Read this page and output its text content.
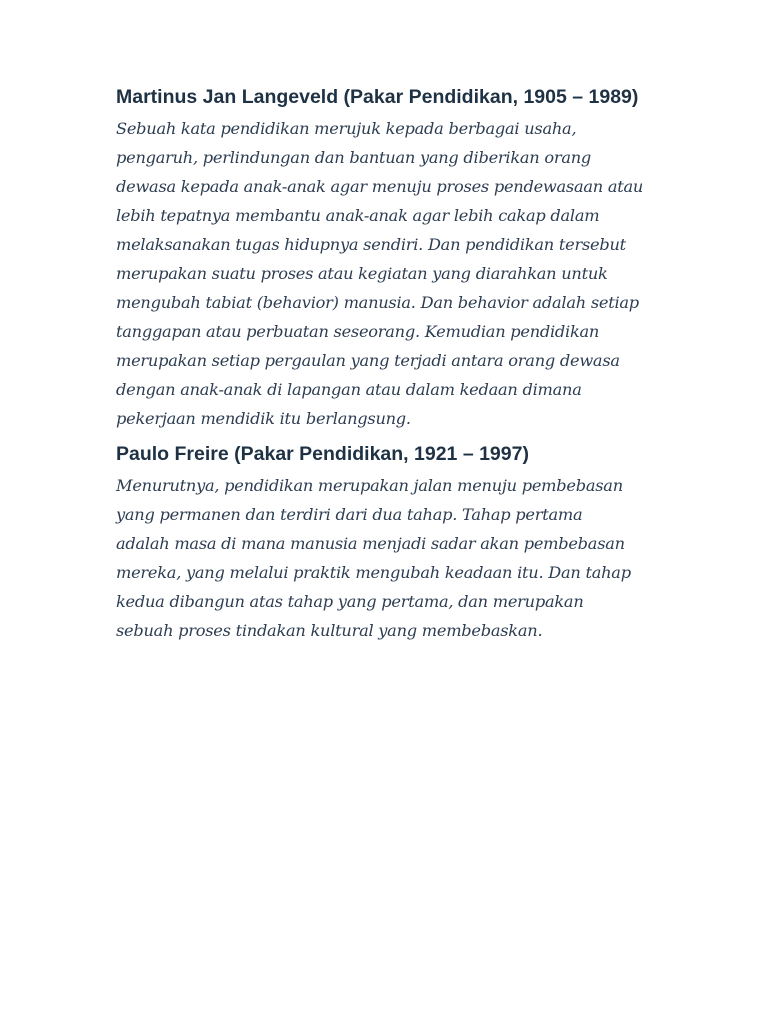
Martinus Jan Langeveld (Pakar Pendidikan, 1905 – 1989)

Sebuah kata pendidikan merujuk kepada berbagai usaha,
pengaruh, perlindungan dan bantuan yang diberikan orang
dewasa kepada anak-anak agar menuju proses pendewasaan atau
lebih tepatnya membantu anak-anak agar lebih cakap dalam
melaksanakan tugas hidupnya sendiri. Dan pendidikan tersebut
merupakan suatu proses atau kegiatan yang diarahkan untuk
mengubah tabiat (behavior) manusia. Dan behavior adalah setiap
tanggapan atau perbuatan seseorang. Kemudian pendidikan
merupakan setiap pergaulan yang terjadi antara orang dewasa
dengan anak-anak di lapangan atau dalam kedaan dimana
pekerjaan mendidik itu berlangsung.

Paulo Freire (Pakar Pendidikan, 1921 – 1997)

Menurutnya, pendidikan merupakan jalan menuju pembebasan
yang permanen dan terdiri dari dua tahap. Tahap pertama
adalah masa di mana manusia menjadi sadar akan pembebasan
mereka, yang melalui praktik mengubah keadaan itu. Dan tahap
kedua dibangun atas tahap yang pertama, dan merupakan
sebuah proses tindakan kultural yang membebaskan.
